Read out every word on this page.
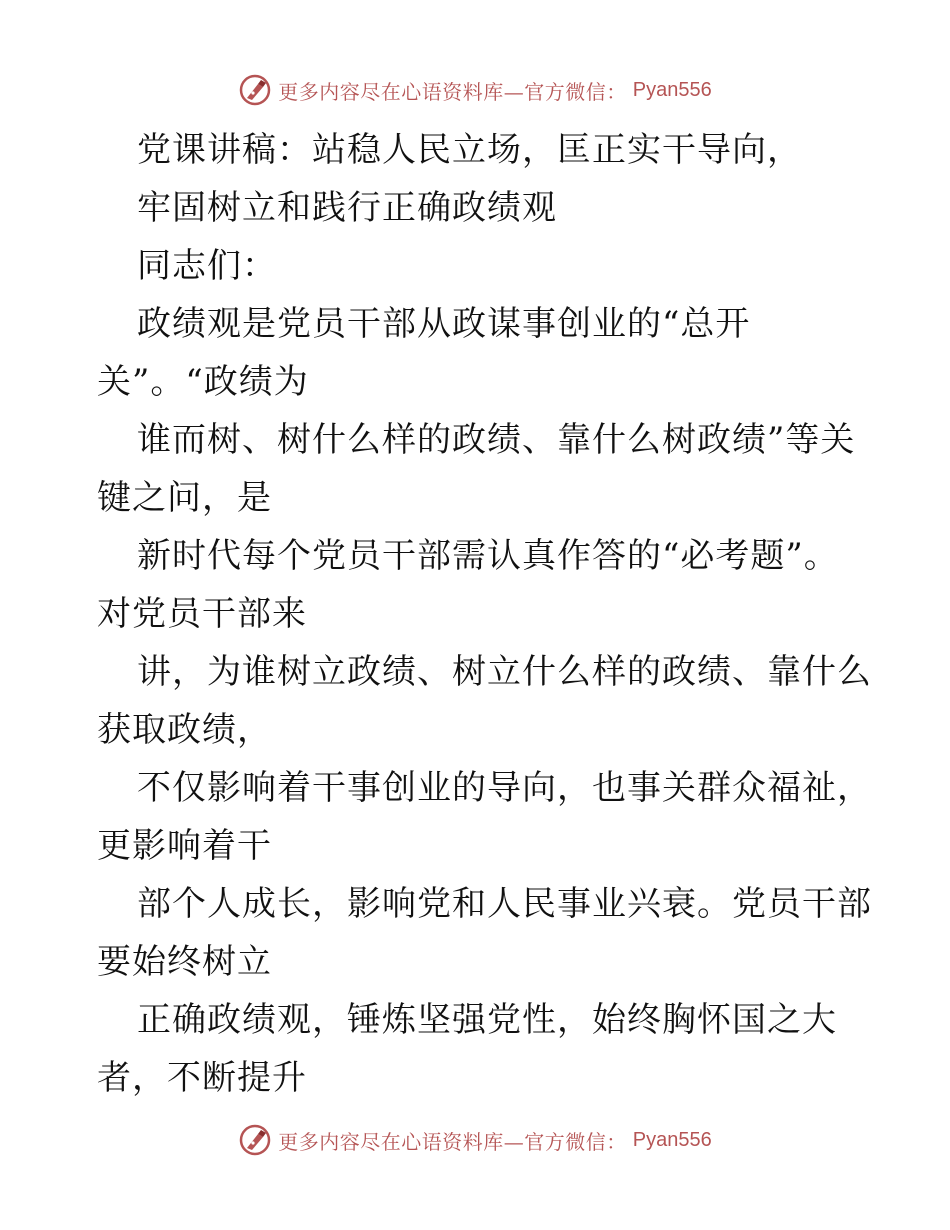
更多内容尽在心语资料库—官方微信： Pyan556
党课讲稿：站稳人民立场，匡正实干导向，
牢固树立和践行正确政绩观
同志们：
政绩观是党员干部从政谋事创业的“总开
关”。“政绩为
谁而树、树什么样的政绩、靠什么树政绩”等关
键之问，是
新时代每个党员干部需认真作答的“必考题”。
对党员干部来
讲，为谁树立政绩、树立什么样的政绩、靠什么
获取政绩，
不仅影响着干事创业的导向，也事关群众福祉，
更影响着干
部个人成长，影响党和人民事业兴衰。党员干部
要始终树立
正确政绩观，锤炼坚强党性，始终胸怀国之大
者，不断提升
更多内容尽在心语资料库—官方微信： Pyan556
